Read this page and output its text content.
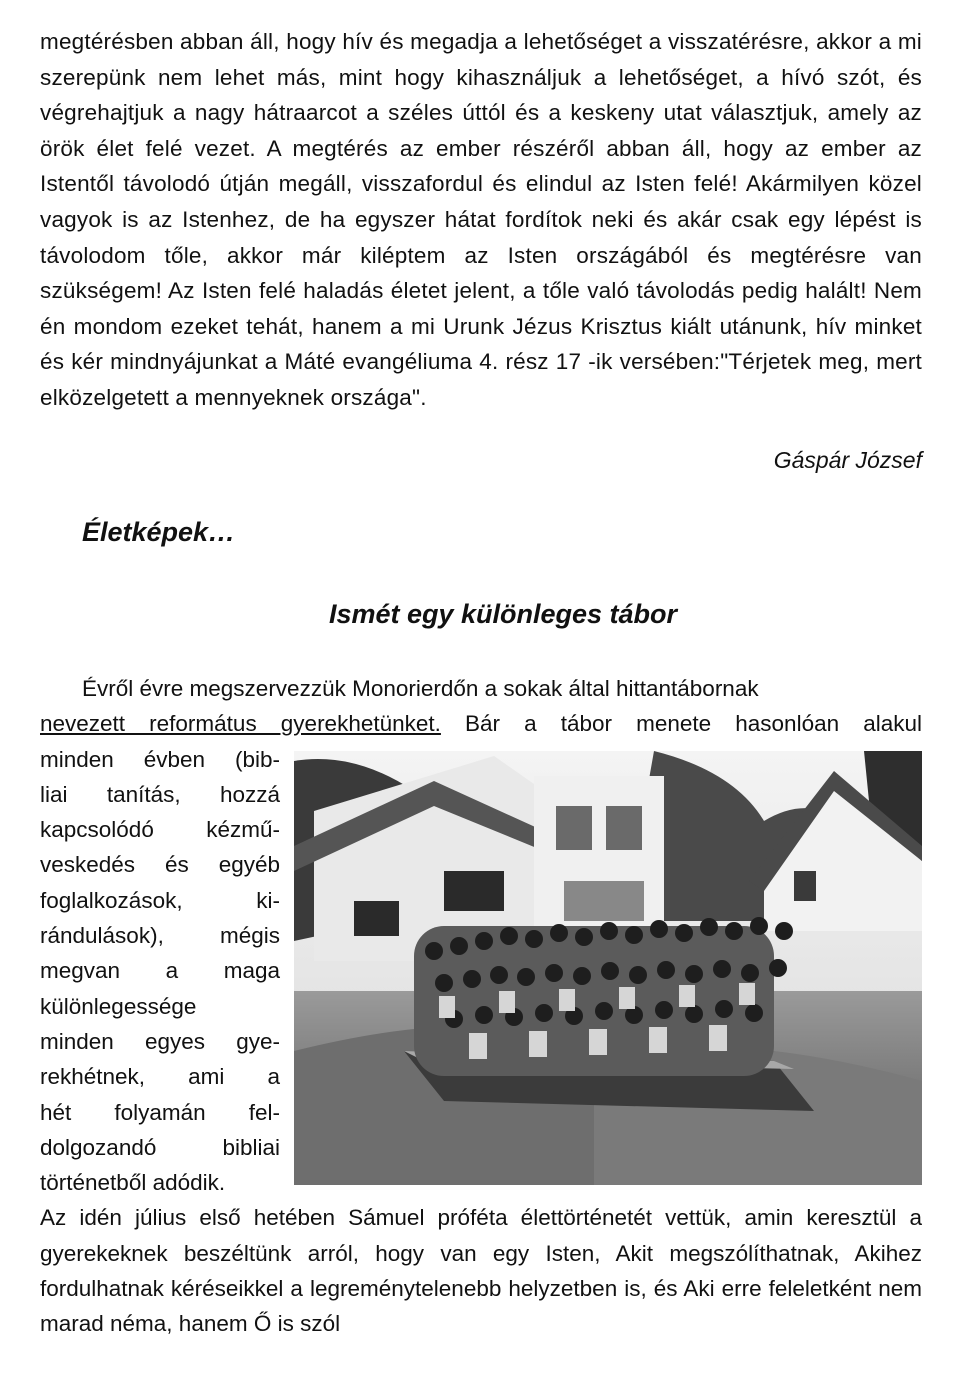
megtérésben abban áll, hogy hív és megadja a lehetőséget a visszatérésre, akkor a mi szerepünk nem lehet más, mint hogy kihasználjuk a lehetőséget, a hívó szót, és végrehajtjuk a nagy hátraarcot a széles úttól és a keskeny utat választjuk, amely az örök élet felé vezet. A megtérés az ember részéről abban áll, hogy az ember az Istentől távolodó útján megáll, visszafordul és elindul az Isten felé! Akármilyen közel vagyok is az Istenhez, de ha egyszer hátat fordítok neki és akár csak egy lépést is távolodom tőle, akkor már kiléptem az Isten országából és megtérésre van szükségem! Az Isten felé haladás életet jelent, a tőle való távolodás pedig halált! Nem én mondom ezeket tehát, hanem a mi Urunk Jézus Krisztus kiált utánunk, hív minket és kér mindnyájunkat a Máté evangéliuma 4. rész 17 -ik versében:"Térjetek meg, mert elközelgetett a mennyeknek országa".
Gáspár József
Életképek…
Ismét egy különleges tábor

Évről évre megszervezzük Monorierdőn a sokak által hittantábornak

nevezett református gyerekhetünket. Bár a tábor menete hasonlóan alakul

minden évben (bib-
liai tanítás, hozzá
kapcsolódó kézmű-
veskedés és egyéb
foglalkozások, ki-
rándulások), mégis
megvan a maga
különlegessége
minden egyes gye-
rekhétnek, ami a
hét folyamán fel-
dolgozandó bibliai
történetből adódik.

Az idén július első hetében Sámuel próféta élettörténetét vettük, amin keresztül a gyerekeknek beszéltünk arról, hogy van egy Isten, Akit megszólíthatnak, Akihez fordulhatnak kéréseikkel a legreménytelenebb helyzetben is, és Aki erre feleletként nem marad néma, hanem Ő is szól
